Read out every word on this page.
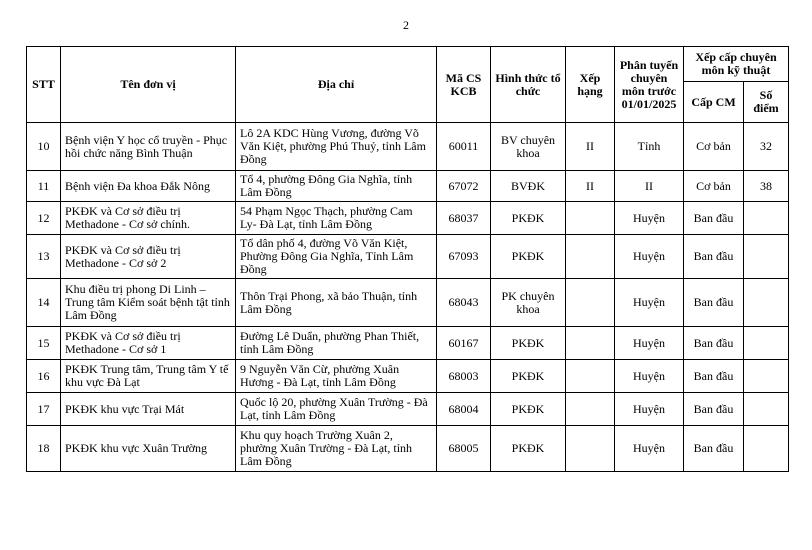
2
STT	Tên đơn vị	Địa chỉ	Mã CS KCB	Hình thức tổ chức	Xếp hạng	Phân tuyến chuyên môn trước 01/01/2025	Xếp cấp chuyên môn kỹ thuật	
							Cấp CM	Số điểm
10	Bệnh viện Y học cổ truyền - Phục hồi chức năng Bình Thuận	Lô 2A KDC Hùng Vương, đường Võ Văn Kiệt, phường Phú Thuỷ, tỉnh Lâm Đồng	60011	BV chuyên khoa	II	Tỉnh	Cơ bản	32
11	Bệnh viện Đa khoa Đắk Nông	Tổ 4, phường Đông Gia Nghĩa, tỉnh Lâm Đồng	67072	BVĐK	II	II	Cơ bản	38
12	PKĐK và Cơ sở điều trị Methadone - Cơ sở chính.	54 Phạm Ngọc Thạch, phường Cam Ly- Đà Lạt, tỉnh Lâm Đồng	68037	PKĐK		Huyện	Ban đầu	
13	PKĐK và Cơ sở điều trị Methadone - Cơ sở 2	Tổ dân phố 4, đường Võ Văn Kiệt, Phường Đông Gia Nghĩa, Tỉnh Lâm Đồng	67093	PKĐK		Huyện	Ban đầu	
14	Khu điều trị phong Di Linh – Trung tâm Kiểm soát bệnh tật tỉnh Lâm Đồng	Thôn Trại Phong, xã bảo Thuận, tỉnh Lâm Đồng	68043	PK chuyên khoa		Huyện	Ban đầu	
15	PKĐK và Cơ sở điều trị Methadone - Cơ sở 1	Đường Lê Duẩn, phường Phan Thiết, tỉnh Lâm Đồng	60167	PKĐK		Huyện	Ban đầu	
16	PKĐK Trung tâm, Trung tâm Y tế khu vực Đà Lạt	9 Nguyễn Văn Cừ, phường Xuân Hương - Đà Lạt, tỉnh Lâm Đồng	68003	PKĐK		Huyện	Ban đầu	
17	PKĐK khu vực Trại Mát	Quốc lộ 20, phường Xuân Trường - Đà Lạt, tỉnh Lâm Đồng	68004	PKĐK		Huyện	Ban đầu	
18	PKĐK khu vực Xuân Trường	Khu quy hoạch Trường Xuân 2, phường Xuân Trường - Đà Lạt, tỉnh Lâm Đồng	68005	PKĐK		Huyện	Ban đầu	
